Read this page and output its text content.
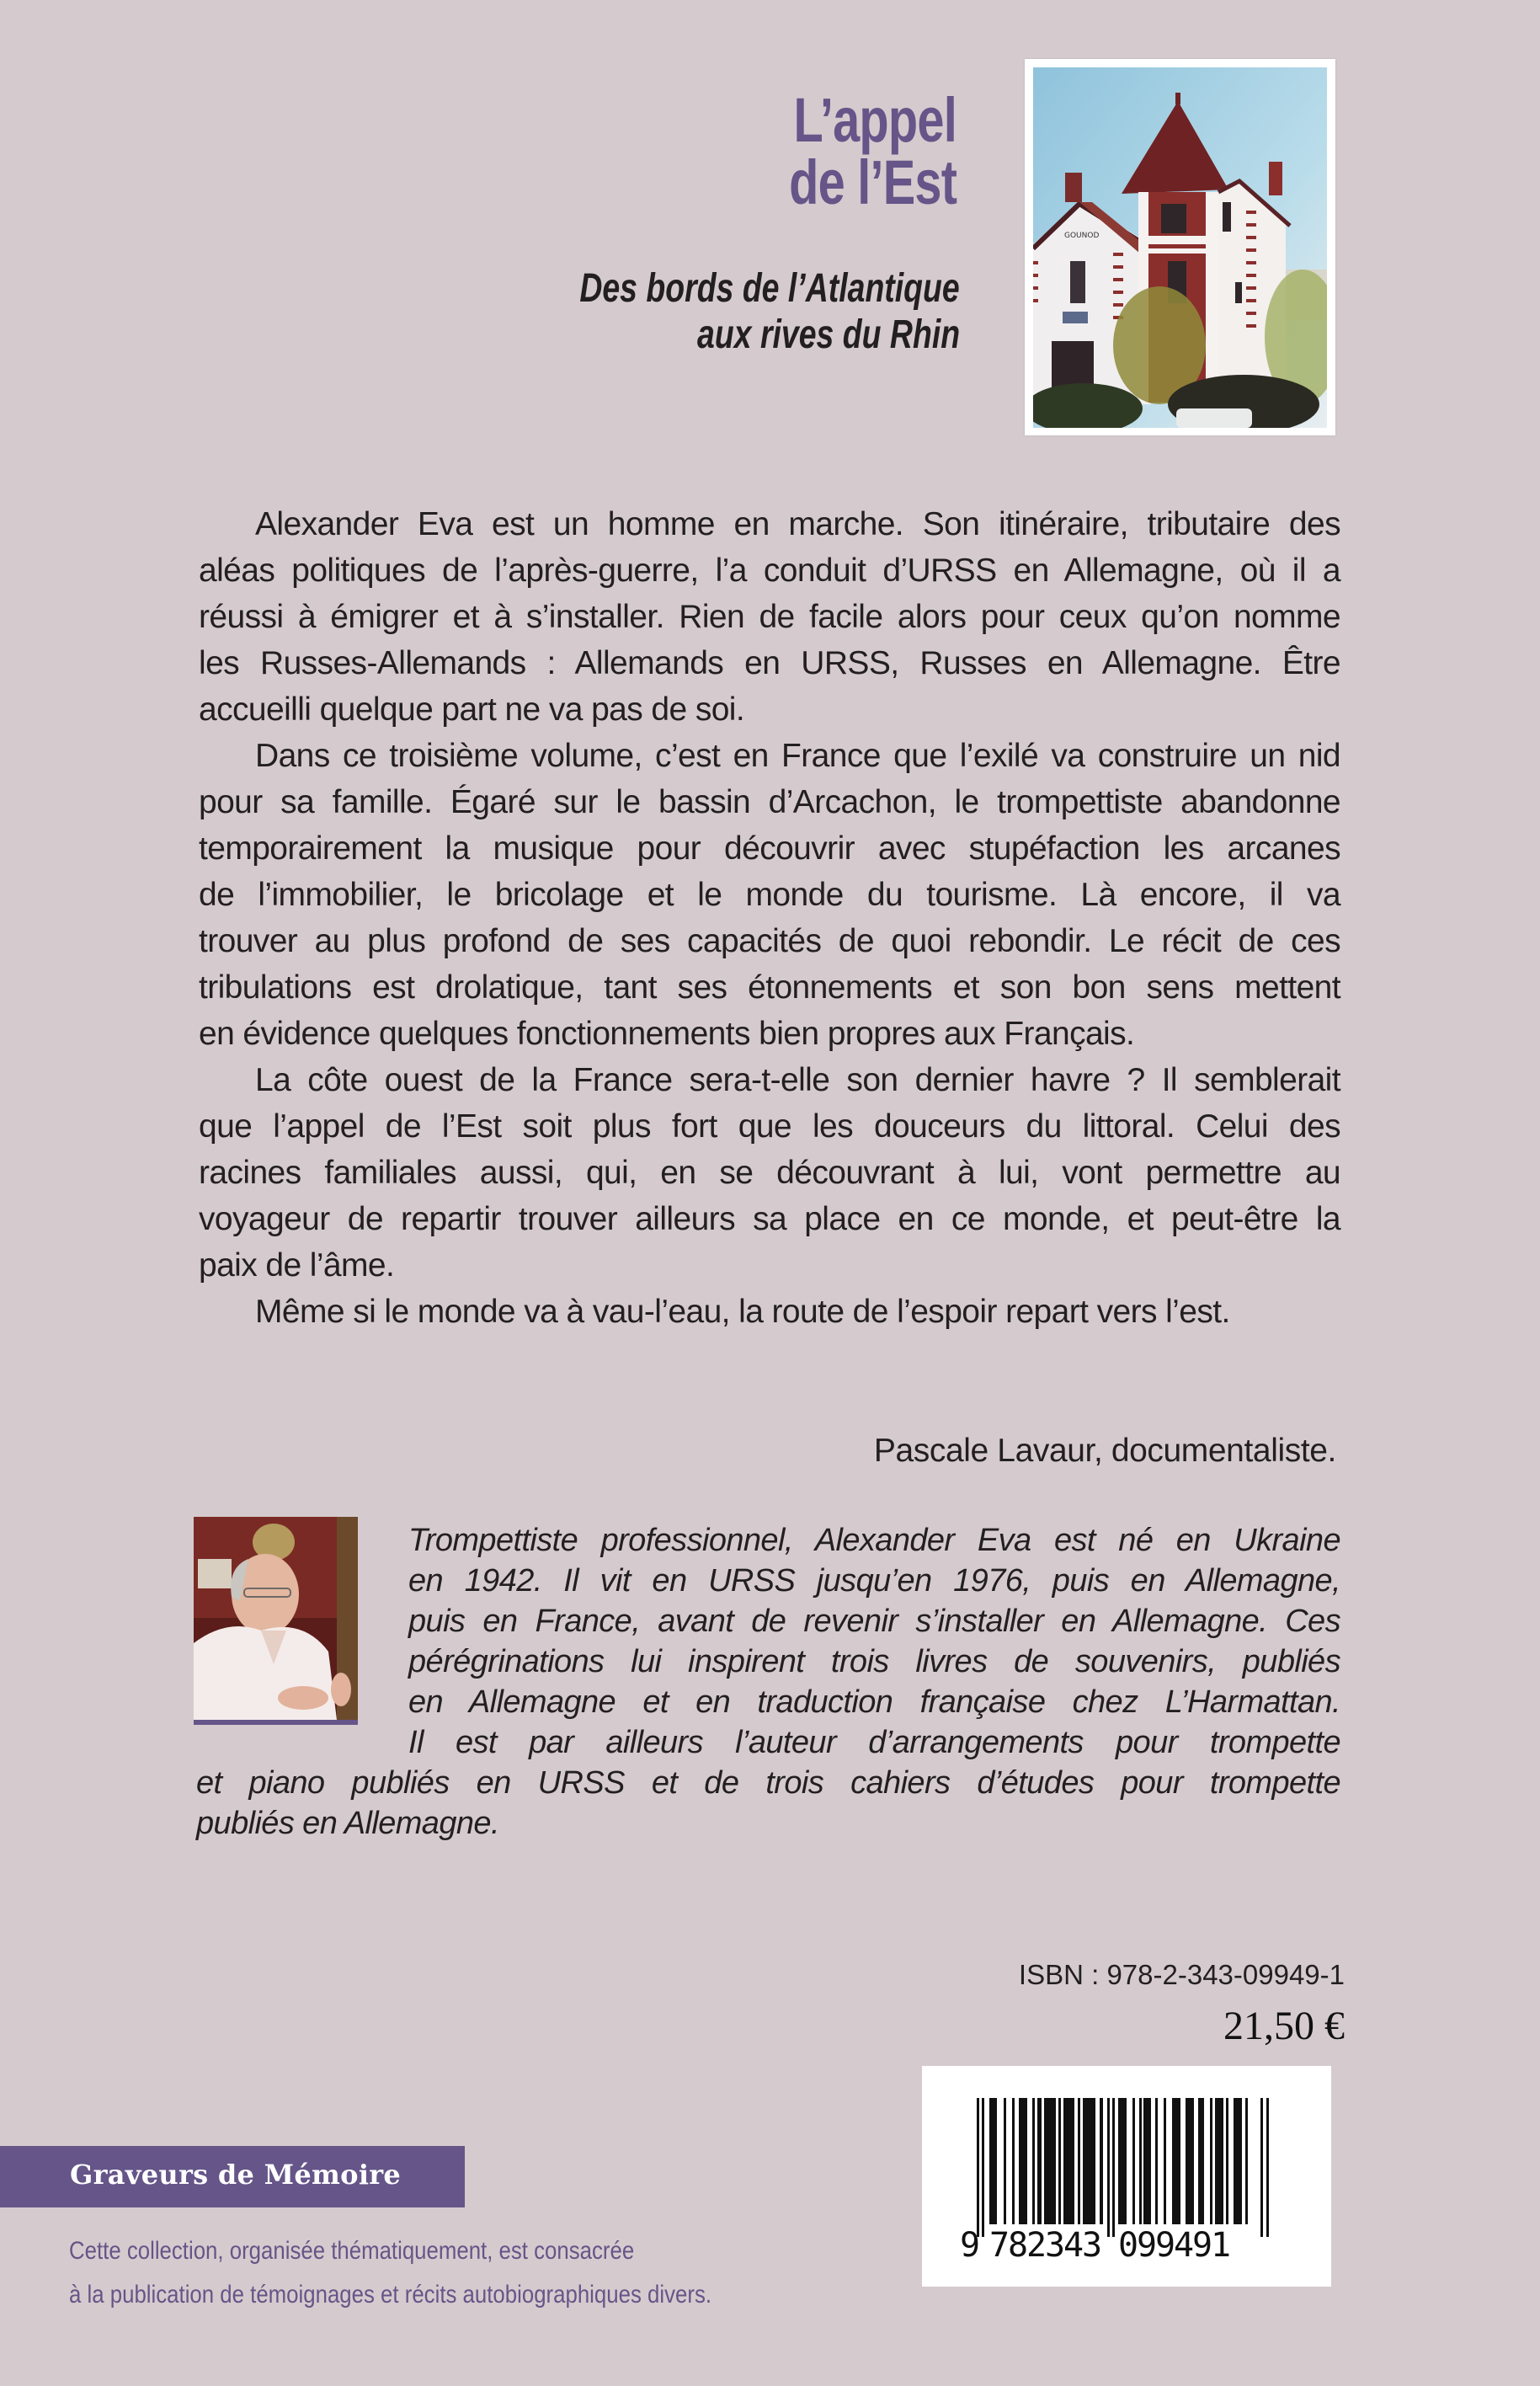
L’appel
de l’Est
Des bords de l’Atlantique
aux rives du Rhin
GOUNOD
Alexander Eva est un homme en marche. Son itinéraire, tributaire des
aléas politiques de l’après-guerre, l’a conduit d’URSS en Allemagne, où il a
réussi à émigrer et à s’installer. Rien de facile alors pour ceux qu’on nomme
les Russes-Allemands : Allemands en URSS, Russes en Allemagne. Être
accueilli quelque part ne va pas de soi.
Dans ce troisième volume, c’est en France que l’exilé va construire un nid
pour sa famille. Égaré sur le bassin d’Arcachon, le trompettiste abandonne
temporairement la musique pour découvrir avec stupéfaction les arcanes
de l’immobilier, le bricolage et le monde du tourisme. Là encore, il va
trouver au plus profond de ses capacités de quoi rebondir. Le récit de ces
tribulations est drolatique, tant ses étonnements et son bon sens mettent
en évidence quelques fonctionnements bien propres aux Français.
La côte ouest de la France sera-t-elle son dernier havre ? Il semblerait
que l’appel de l’Est soit plus fort que les douceurs du littoral. Celui des
racines familiales aussi, qui, en se découvrant à lui, vont permettre au
voyageur de repartir trouver ailleurs sa place en ce monde, et peut-être la
paix de l’âme.
Même si le monde va à vau-l’eau, la route de l’espoir repart vers l’est.
Pascale Lavaur, documentaliste.
Trompettiste professionnel, Alexander Eva est né en Ukraine
en 1942. Il vit en URSS jusqu’en 1976, puis en Allemagne,
puis en France, avant de revenir s’installer en Allemagne. Ces
pérégrinations lui inspirent trois livres de souvenirs, publiés
en Allemagne et en traduction française chez L’Harmattan.
Il est par ailleurs l’auteur d’arrangements pour trompette
et piano publiés en URSS et de trois cahiers d’études pour trompette
publiés en Allemagne.
ISBN : 978-2-343-09949-1
21,50 €
9 7
8
2
3
4
3 0
9
9
4
9
1
Graveurs de Mémoire
Cette collection, organisée thématiquement, est consacrée
à la publication de témoignages et récits autobiographiques divers.
